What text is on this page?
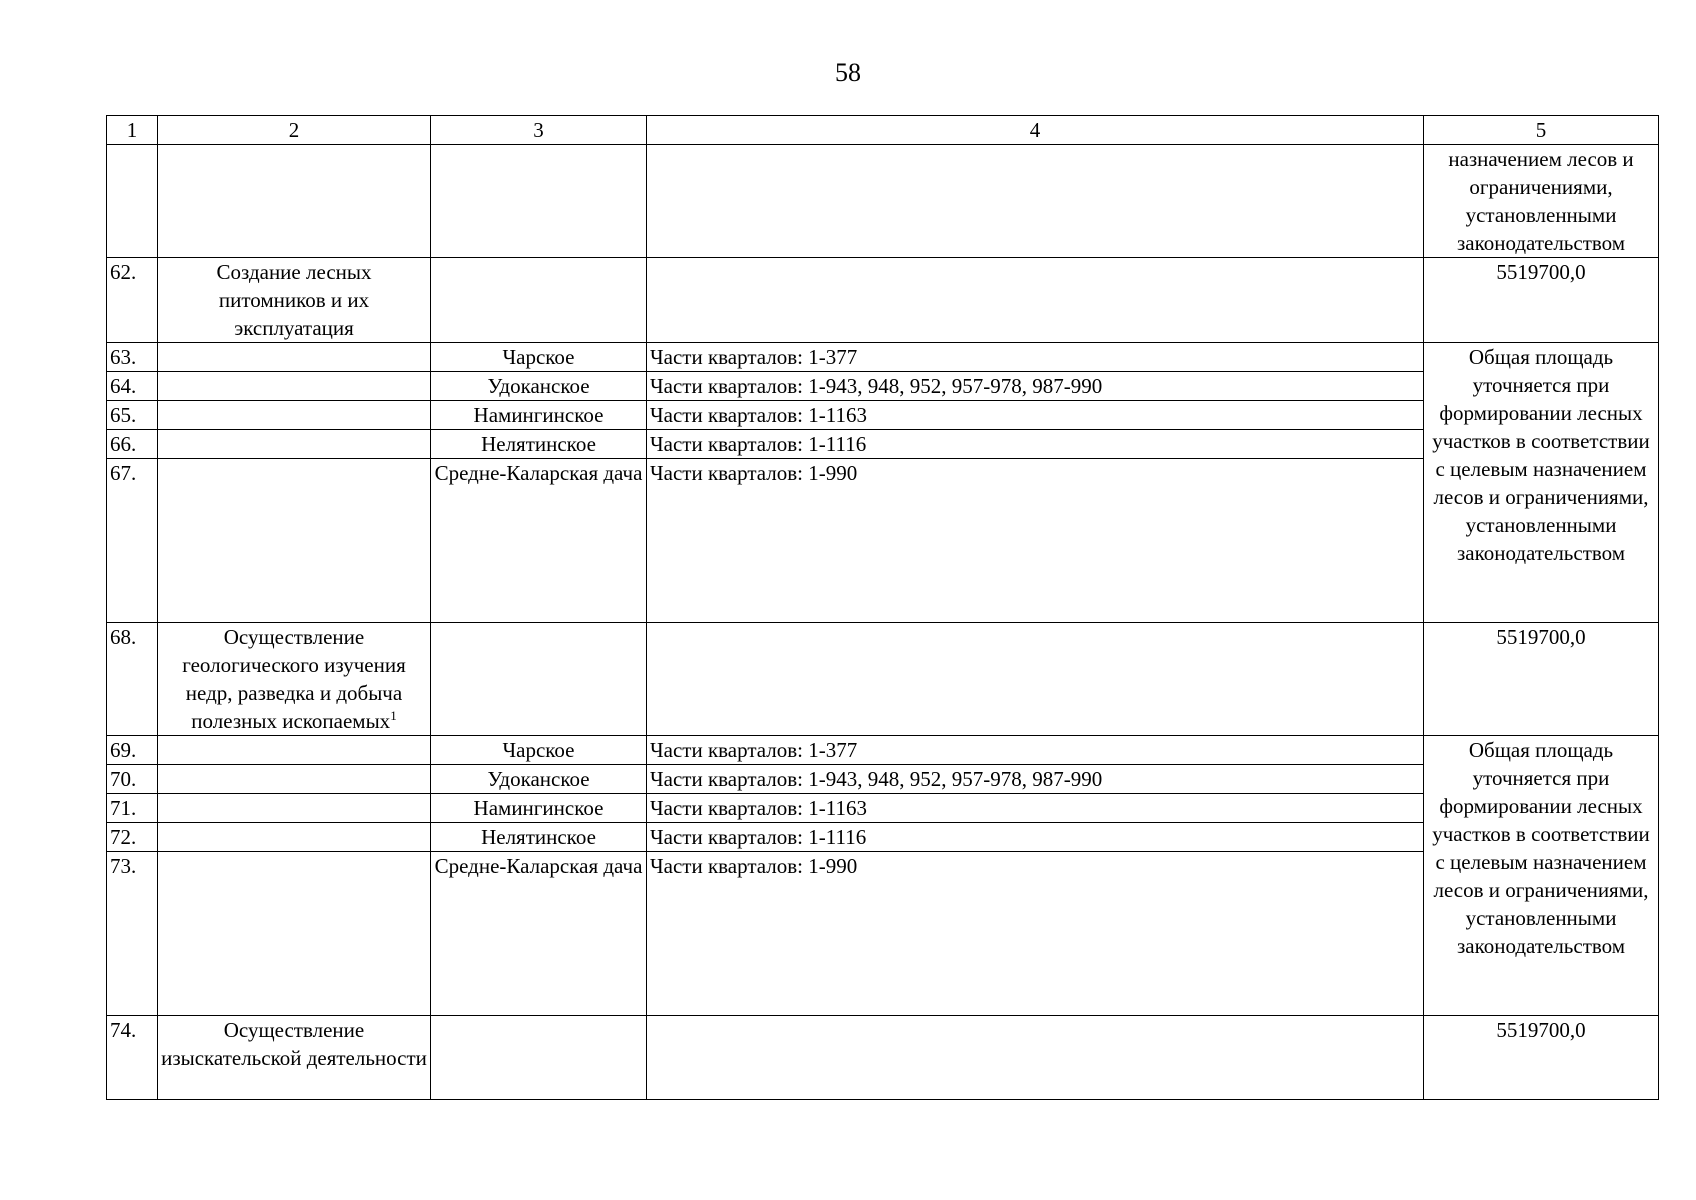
58
1	2	3	4	5
				назначением лесов и ограничениями, установленными законодательством
62.	Создание лесных питомников и их эксплуатация			5519700,0
63.		Чарское	Части кварталов: 1-377	Общая площадь уточняется при формировании лесных участков в соответствии с целевым назначением лесов и ограничениями, установленными законодательством
64.		Удоканское	Части кварталов: 1-943, 948, 952, 957-978, 987-990	
65.		Намингинское	Части кварталов: 1-1163	
66.		Нелятинское	Части кварталов: 1-1116	
67.		Средне-Каларская дача	Части кварталов: 1-990	
68.	Осуществление геологического изучения недр, разведка и добыча полезных ископаемых$^1$			5519700,0
69.		Чарское	Части кварталов: 1-377	Общая площадь уточняется при формировании лесных участков в соответствии с целевым назначением лесов и ограничениями, установленными законодательством
70.		Удоканское	Части кварталов: 1-943, 948, 952, 957-978, 987-990	
71.		Намингинское	Части кварталов: 1-1163	
72.		Нелятинское	Части кварталов: 1-1116	
73.		Средне-Каларская дача	Части кварталов: 1-990	
74.	Осуществление изыскательской деятельности			5519700,0
